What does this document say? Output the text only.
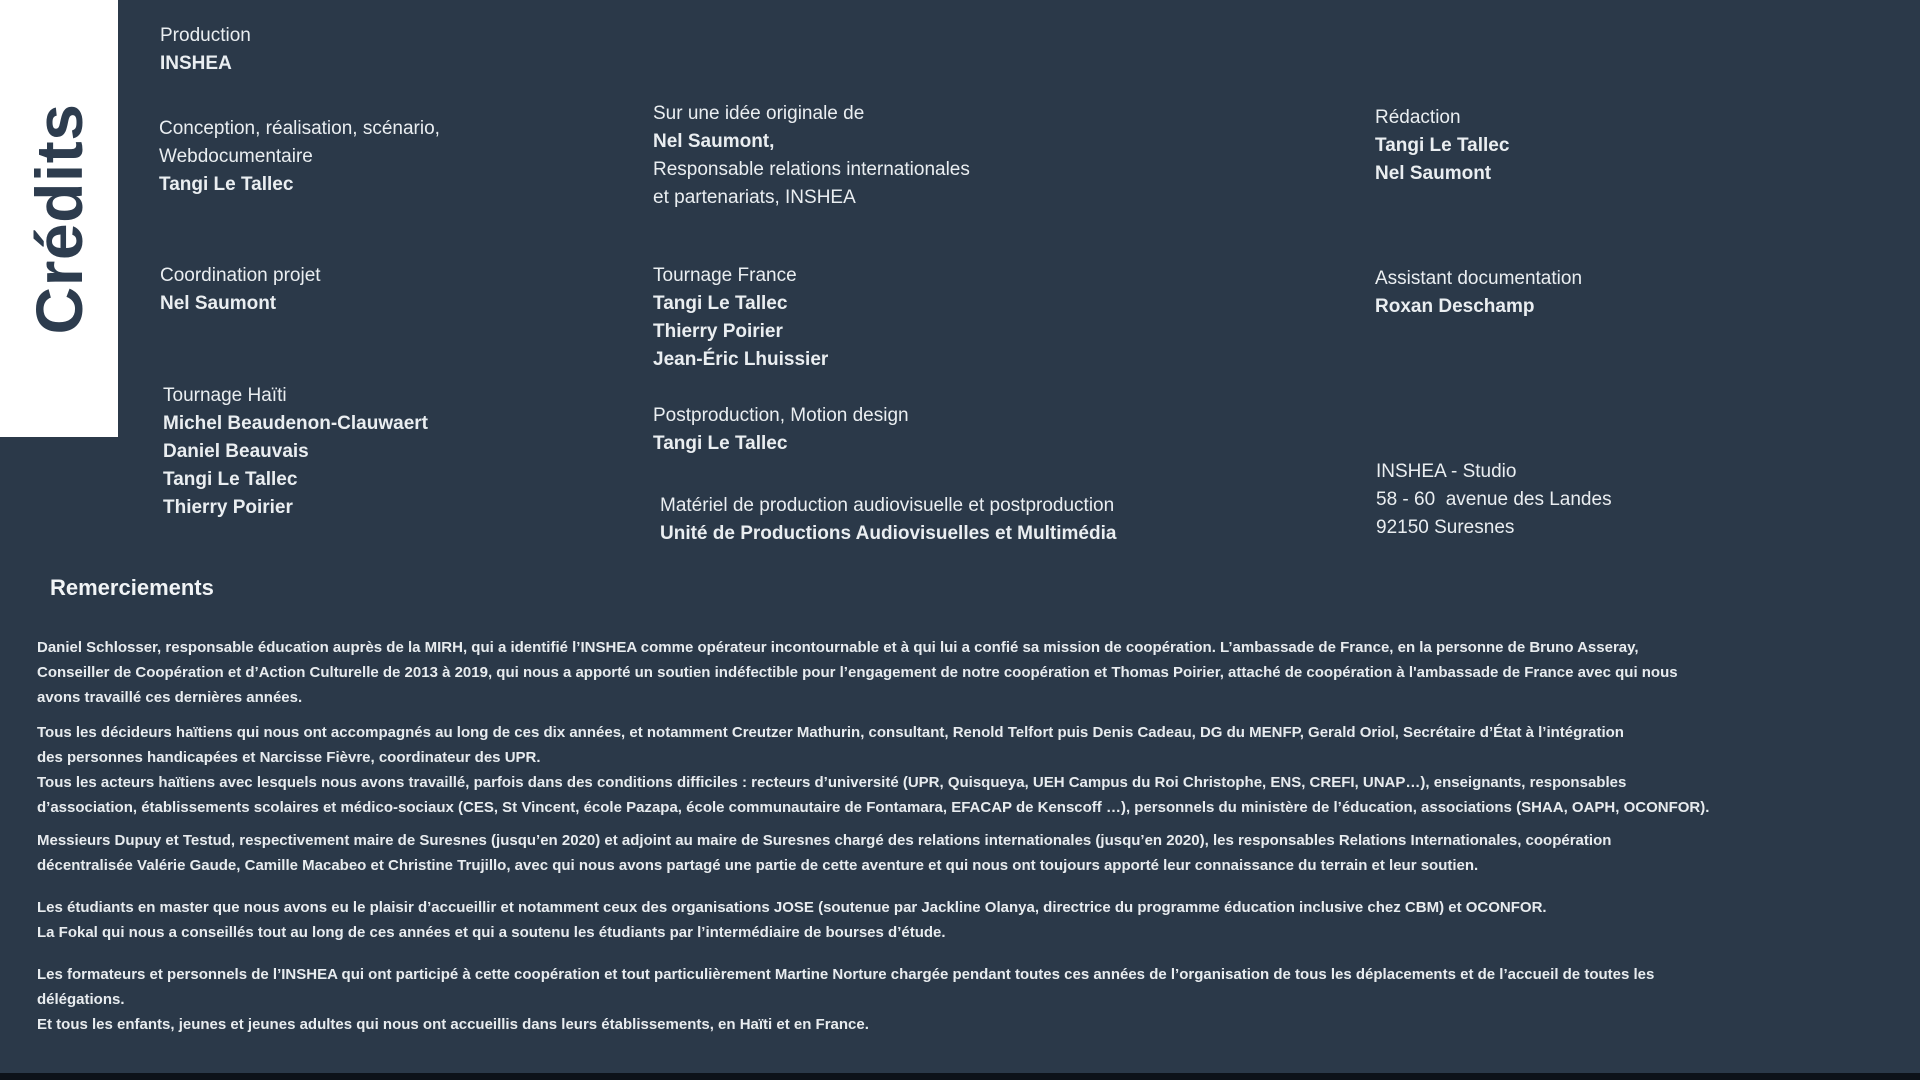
Crédits
Production
INSHEA
Conception, réalisation, scénario,
Webdocumentaire
Tangi Le Tallec
Coordination projet
Nel Saumont
Tournage Haïti
Michel Beaudenon-Clauwaert
Daniel Beauvais
Tangi Le Tallec
Thierry Poirier
Sur une idée originale de
Nel Saumont,
Responsable relations internationales
et partenariats, INSHEA
Tournage France
Tangi Le Tallec
Thierry Poirier
Jean-Éric Lhuissier
Postproduction, Motion design
Tangi Le Tallec
Matériel de production audiovisuelle et postproduction
Unité de Productions Audiovisuelles et Multimédia
Rédaction
Tangi Le Tallec
Nel Saumont
Assistant documentation
Roxan Deschamp
INSHEA - Studio
58 - 60  avenue des Landes
92150 Suresnes
Remerciements
Daniel Schlosser, responsable éducation auprès de la MIRH, qui a identifié l’INSHEA comme opérateur incontournable et à qui lui a confié sa mission de coopération. L’ambassade de France, en la personne de Bruno Asseray,
Conseiller de Coopération et d’Action Culturelle de 2013 à 2019, qui nous a apporté un soutien indéfectible pour l’engagement de notre coopération et Thomas Poirier, attaché de coopération à l'ambassade de France avec qui nous
avons travaillé ces dernières années.
Tous les décideurs haïtiens qui nous ont accompagnés au long de ces dix années, et notamment Creutzer Mathurin, consultant, Renold Telfort puis Denis Cadeau, DG du MENFP, Gerald Oriol, Secrétaire d’État à l’intégration
des personnes handicapées et Narcisse Fièvre, coordinateur des UPR.
Tous les acteurs haïtiens avec lesquels nous avons travaillé, parfois dans des conditions difficiles : recteurs d’université (UPR, Quisqueya, UEH Campus du Roi Christophe, ENS, CREFI, UNAP…), enseignants, responsables
d’association, établissements scolaires et médico-sociaux (CES, St Vincent, école Pazapa, école communautaire de Fontamara, EFACAP de Kenscoff …), personnels du ministère de l’éducation, associations (SHAA, OAPH, OCONFOR).
Messieurs Dupuy et Testud, respectivement maire de Suresnes (jusqu’en 2020) et adjoint au maire de Suresnes chargé des relations internationales (jusqu’en 2020), les responsables Relations Internationales, coopération
décentralisée Valérie Gaude, Camille Macabeo et Christine Trujillo, avec qui nous avons partagé une partie de cette aventure et qui nous ont toujours apporté leur connaissance du terrain et leur soutien.
Les étudiants en master que nous avons eu le plaisir d’accueillir et notamment ceux des organisations JOSE (soutenue par Jackline Olanya, directrice du programme éducation inclusive chez CBM) et OCONFOR.
La Fokal qui nous a conseillés tout au long de ces années et qui a soutenu les étudiants par l’intermédiaire de bourses d’étude.
Les formateurs et personnels de l’INSHEA qui ont participé à cette coopération et tout particulièrement Martine Norture chargée pendant toutes ces années de l’organisation de tous les déplacements et de l’accueil de toutes les
délégations.
Et tous les enfants, jeunes et jeunes adultes qui nous ont accueillis dans leurs établissements, en Haïti et en France.
